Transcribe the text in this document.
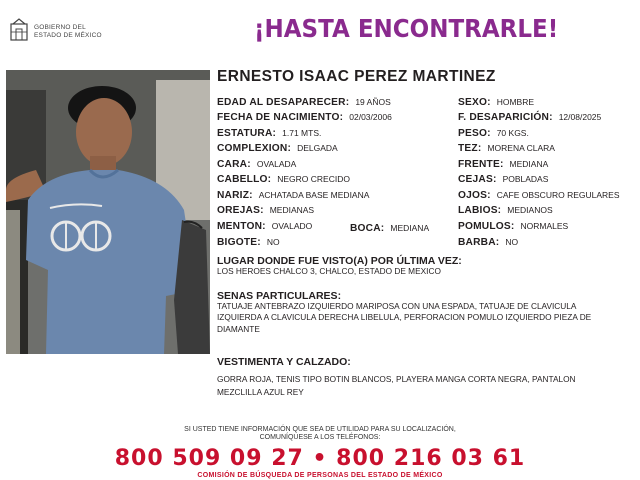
GOBIERNO DEL
ESTADO DE MÉXICO	¡HASTA ENCONTRARLE!
ERNESTO ISAAC PEREZ MARTINEZ
EDAD AL DESAPARECER: 19 AÑOS
FECHA DE NACIMIENTO: 02/03/2006
ESTATURA: 1.71 MTS.
COMPLEXION: DELGADA
CARA: OVALADA
CABELLO: NEGRO CRECIDO
NARIZ: ACHATADA BASE MEDIANA
OREJAS: MEDIANAS
MENTON: OVALADO
BIGOTE: NO
BOCA: MEDIANA
SEXO: HOMBRE
F. DESAPARICIÓN: 12/08/2025
PESO: 70 KGS.
TEZ: MORENA CLARA
FRENTE: MEDIANA
CEJAS: POBLADAS
OJOS: CAFE OBSCURO REGULARES
LABIOS: MEDIANOS
POMULOS: NORMALES
BARBA: NO
LUGAR DONDE FUE VISTO(A) POR ÚLTIMA VEZ:
LOS HEROES CHALCO 3, CHALCO, ESTADO DE MEXICO
SENAS PARTICULARES:
TATUAJE ANTEBRAZO IZQUIERDO MARIPOSA CON UNA ESPADA, TATUAJE DE CLAVICULA IZQUIERDA A CLAVICULA DERECHA LIBELULA, PERFORACION POMULO IZQUIERDO PIEZA DE DIAMANTE
VESTIMENTA Y CALZADO:
GORRA ROJA, TENIS TIPO BOTIN BLANCOS, PLAYERA MANGA CORTA NEGRA, PANTALON MEZCLILLA AZUL REY
SI USTED TIENE INFORMACIÓN QUE SEA DE UTILIDAD PARA SU LOCALIZACIÓN,
COMUNÍQUESE A LOS TELÉFONOS:
800 509 09 27 • 800 216 03 61
COMISIÓN DE BÚSQUEDA DE PERSONAS DEL ESTADO DE MÉXICO
